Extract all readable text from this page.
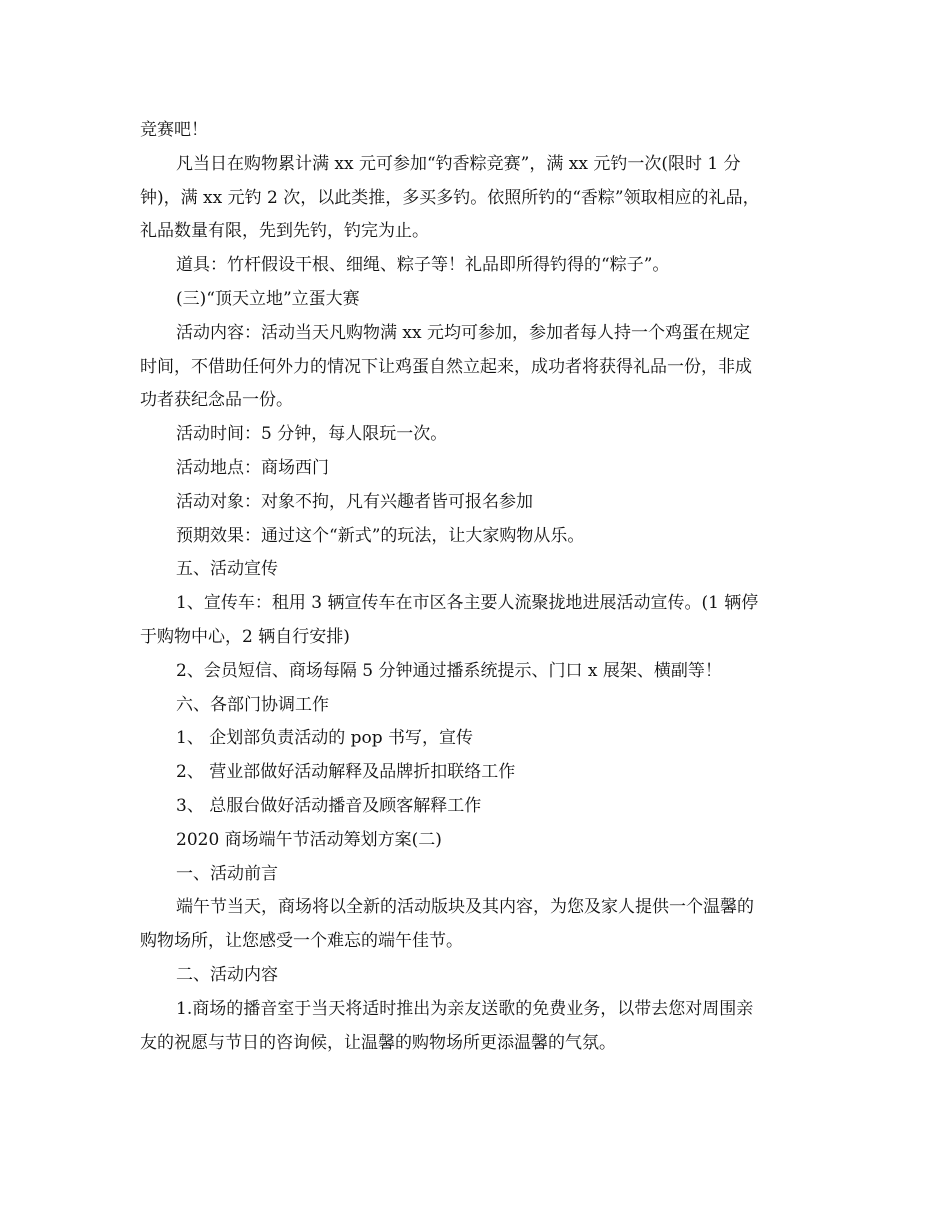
竞赛吧！
凡当日在购物累计满 xx 元可参加“钓香粽竞赛”，满 xx 元钓一次(限时 1 分
钟)，满 xx 元钓 2 次，以此类推，多买多钓。依照所钓的“香粽”领取相应的礼品，
礼品数量有限，先到先钓，钓完为止。
道具：竹杆假设干根、细绳、粽子等！礼品即所得钓得的“粽子”。
(三)“顶天立地”立蛋大赛
活动内容：活动当天凡购物满 xx 元均可参加，参加者每人持一个鸡蛋在规定
时间，不借助任何外力的情况下让鸡蛋自然立起来，成功者将获得礼品一份，非成
功者获纪念品一份。
活动时间：5 分钟，每人限玩一次。
活动地点：商场西门
活动对象：对象不拘，凡有兴趣者皆可报名参加
预期效果：通过这个“新式”的玩法，让大家购物从乐。
五、活动宣传
1、宣传车：租用 3 辆宣传车在市区各主要人流聚拢地进展活动宣传。(1 辆停
于购物中心，2 辆自行安排)
2、会员短信、商场每隔 5 分钟通过播系统提示、门口 x 展架、横副等！
六、各部门协调工作
1、 企划部负责活动的 pop 书写，宣传
2、 营业部做好活动解释及品牌折扣联络工作
3、 总服台做好活动播音及顾客解释工作
2020 商场端午节活动筹划方案(二)
一、活动前言
端午节当天，商场将以全新的活动版块及其内容，为您及家人提供一个温馨的
购物场所，让您感受一个难忘的端午佳节。
二、活动内容
1.商场的播音室于当天将适时推出为亲友送歌的免费业务，以带去您对周围亲
友的祝愿与节日的咨询候，让温馨的购物场所更添温馨的气氛。
